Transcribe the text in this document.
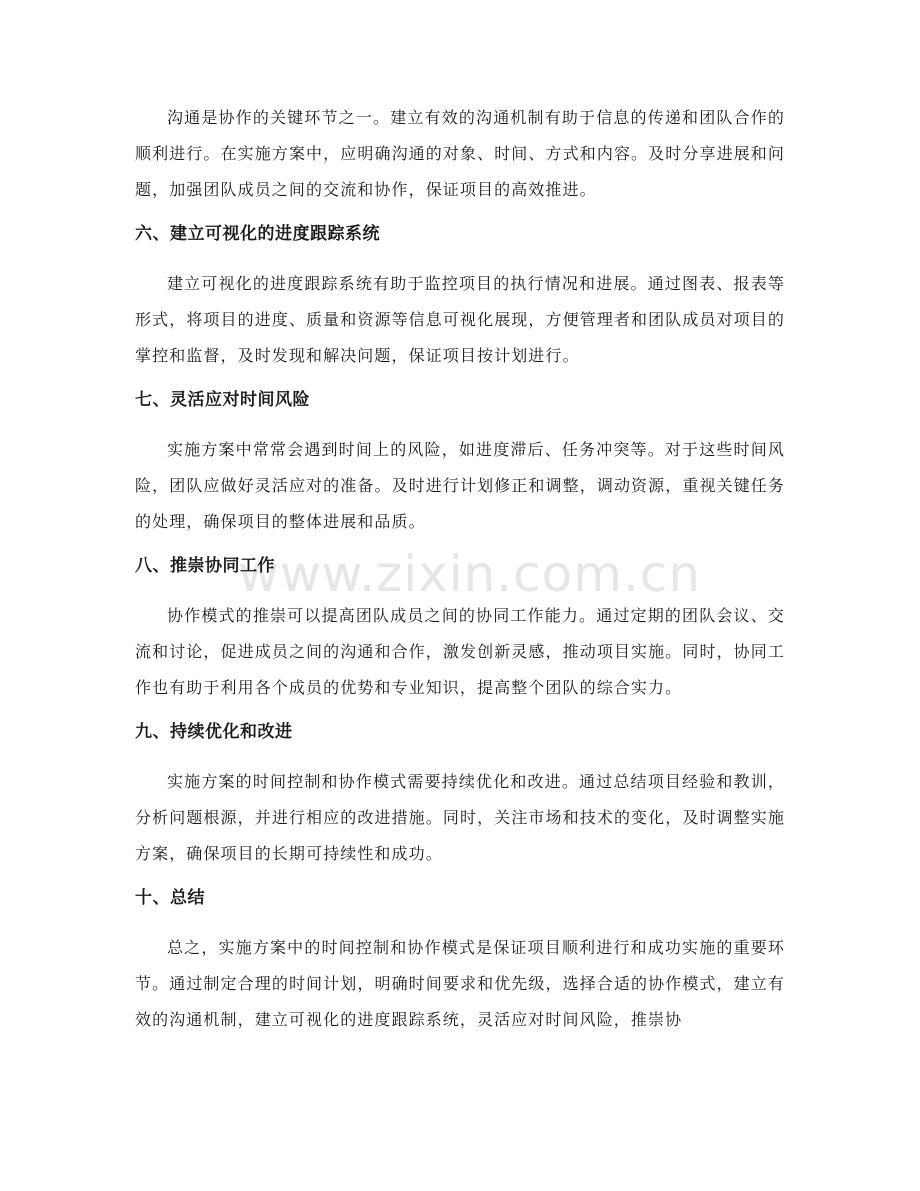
www.zixin.com.cn

沟通是协作的关键环节之一。建立有效的沟通机制有助于信息的传递和团队合作的顺利进行。在实施方案中，应明确沟通的对象、时间、方式和内容。及时分享进展和问题，加强团队成员之间的交流和协作，保证项目的高效推进。

六、建立可视化的进度跟踪系统

建立可视化的进度跟踪系统有助于监控项目的执行情况和进展。通过图表、报表等形式，将项目的进度、质量和资源等信息可视化展现，方便管理者和团队成员对项目的掌控和监督，及时发现和解决问题，保证项目按计划进行。

七、灵活应对时间风险

实施方案中常常会遇到时间上的风险，如进度滞后、任务冲突等。对于这些时间风险，团队应做好灵活应对的准备。及时进行计划修正和调整，调动资源，重视关键任务的处理，确保项目的整体进展和品质。

八、推崇协同工作

协作模式的推崇可以提高团队成员之间的协同工作能力。通过定期的团队会议、交流和讨论，促进成员之间的沟通和合作，激发创新灵感，推动项目实施。同时，协同工作也有助于利用各个成员的优势和专业知识，提高整个团队的综合实力。

九、持续优化和改进

实施方案的时间控制和协作模式需要持续优化和改进。通过总结项目经验和教训，分析问题根源，并进行相应的改进措施。同时，关注市场和技术的变化，及时调整实施方案，确保项目的长期可持续性和成功。

十、总结

总之，实施方案中的时间控制和协作模式是保证项目顺利进行和成功实施的重要环节。通过制定合理的时间计划，明确时间要求和优先级，选择合适的协作模式，建立有效的沟通机制，建立可视化的进度跟踪系统，灵活应对时间风险，推崇协
